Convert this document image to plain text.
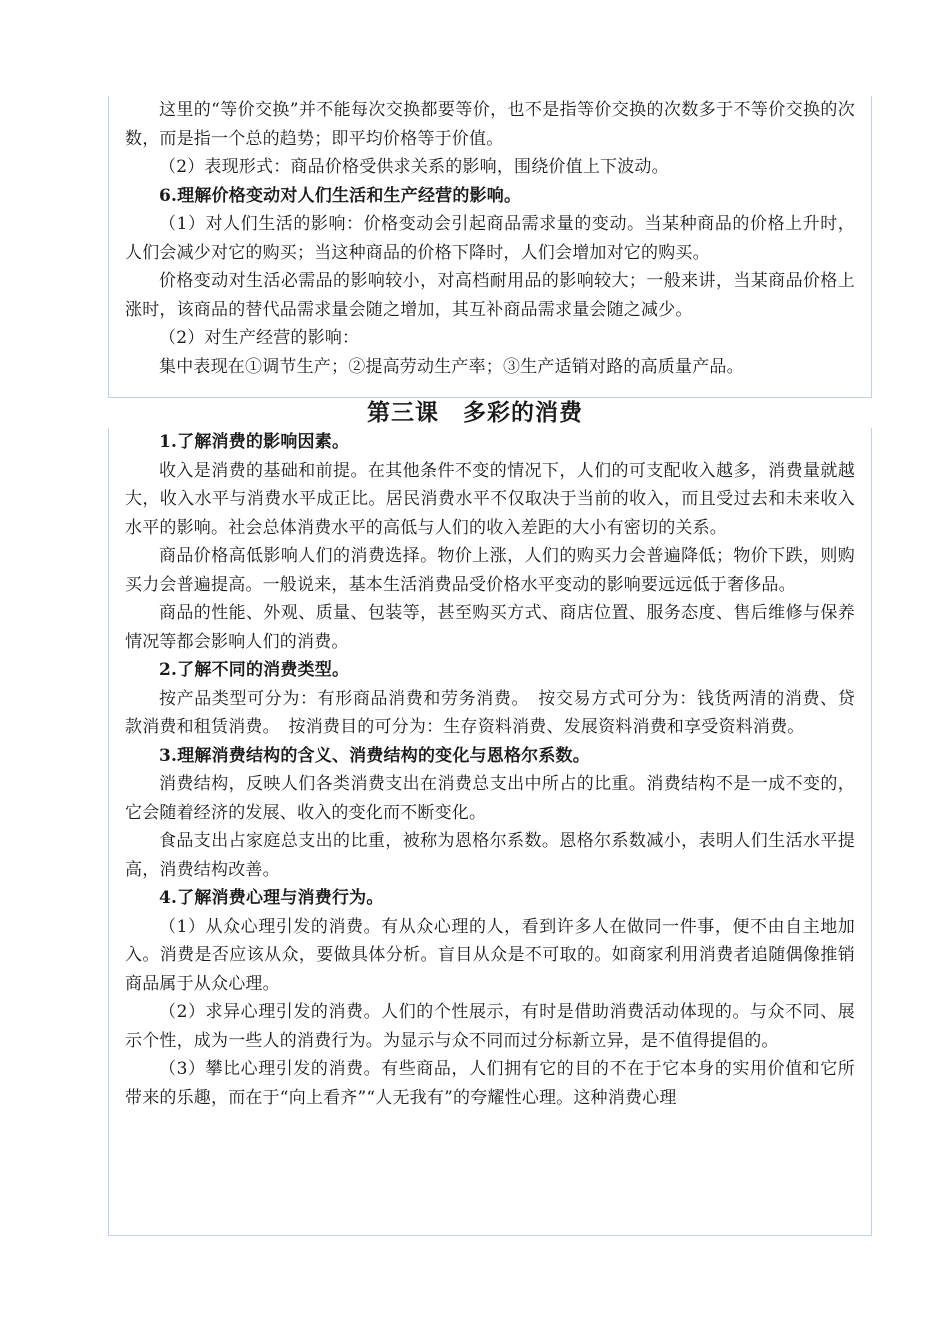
这里的“等价交换”并不能每次交换都要等价，也不是指等价交换的次数多于不等价交换的次数，而是指一个总的趋势；即平均价格等于价值。

（2）表现形式：商品价格受供求关系的影响，围绕价值上下波动。

6.理解价格变动对人们生活和生产经营的影响。

（1）对人们生活的影响：价格变动会引起商品需求量的变动。当某种商品的价格上升时，人们会减少对它的购买；当这种商品的价格下降时，人们会增加对它的购买。

价格变动对生活必需品的影响较小，对高档耐用品的影响较大；一般来讲，当某商品价格上涨时，该商品的替代品需求量会随之增加，其互补商品需求量会随之减少。

（2）对生产经营的影响：

集中表现在①调节生产；②提高劳动生产率；③生产适销对路的高质量产品。

第三课　多彩的消费

1.了解消费的影响因素。

收入是消费的基础和前提。在其他条件不变的情况下，人们的可支配收入越多，消费量就越大，收入水平与消费水平成正比。居民消费水平不仅取决于当前的收入，而且受过去和未来收入水平的影响。社会总体消费水平的高低与人们的收入差距的大小有密切的关系。

商品价格高低影响人们的消费选择。物价上涨，人们的购买力会普遍降低；物价下跌，则购买力会普遍提高。一般说来，基本生活消费品受价格水平变动的影响要远远低于奢侈品。

商品的性能、外观、质量、包装等，甚至购买方式、商店位置、服务态度、售后维修与保养情况等都会影响人们的消费。

2.了解不同的消费类型。

按产品类型可分为：有形商品消费和劳务消费。　按交易方式可分为：钱货两清的消费、贷款消费和租赁消费。　按消费目的可分为：生存资料消费、发展资料消费和享受资料消费。

3.理解消费结构的含义、消费结构的变化与恩格尔系数。

消费结构，反映人们各类消费支出在消费总支出中所占的比重。消费结构不是一成不变的，它会随着经济的发展、收入的变化而不断变化。

食品支出占家庭总支出的比重，被称为恩格尔系数。恩格尔系数减小，表明人们生活水平提高，消费结构改善。

4.了解消费心理与消费行为。

（1）从众心理引发的消费。有从众心理的人，看到许多人在做同一件事，便不由自主地加入。消费是否应该从众，要做具体分析。盲目从众是不可取的。如商家利用消费者追随偶像推销商品属于从众心理。

（2）求异心理引发的消费。人们的个性展示，有时是借助消费活动体现的。与众不同、展示个性，成为一些人的消费行为。为显示与众不同而过分标新立异，是不值得提倡的。

（3）攀比心理引发的消费。有些商品，人们拥有它的目的不在于它本身的实用价值和它所带来的乐趣，而在于“向上看齐”“人无我有”的夸耀性心理。这种消费心理
